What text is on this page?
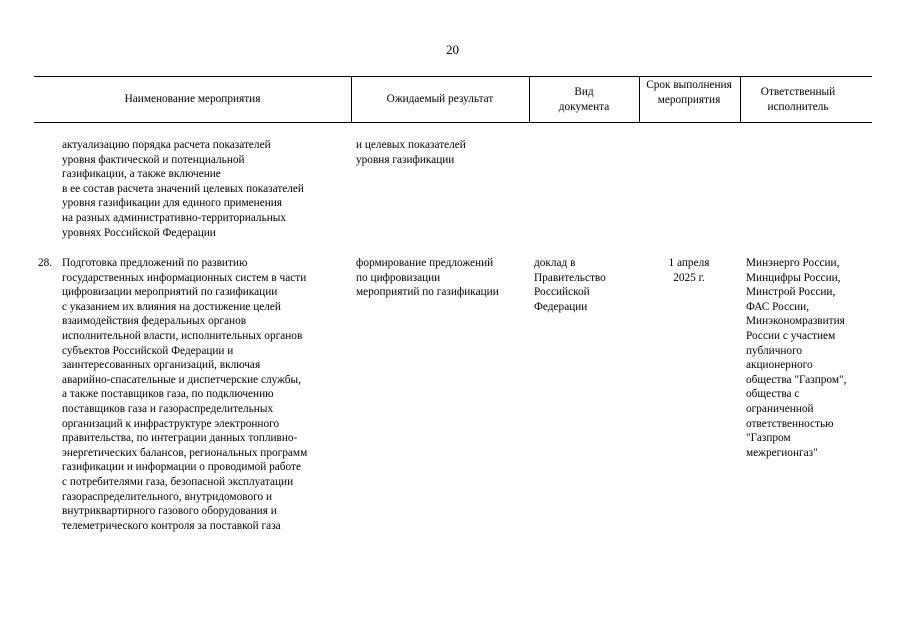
20
Наименование мероприятия	Ожидаемый результат
Вид документа
Срок выполнения мероприятия
Ответственный исполнитель
актуализацию порядка расчета показателей
уровня фактической и потенциальной
газификации, а также включение
в ее состав расчета значений целевых показателей
уровня газификации для единого применения
на разных административно-территориальных
уровнях Российской Федерации
и целевых показателей
уровня газификации
28. Подготовка предложений по развитию
государственных информационных систем в части
цифровизации мероприятий по газификации
с указанием их влияния на достижение целей
взаимодействия федеральных органов
исполнительной власти, исполнительных органов
субъектов Российской Федерации и
заинтересованных организаций, включая
аварийно-спасательные и диспетчерские службы,
а также поставщиков газа, по подключению
поставщиков газа и газораспределительных
организаций к инфраструктуре электронного
правительства, по интеграции данных топливно-
энергетических балансов, региональных программ
газификации и информации о проводимой работе
с потребителями газа, безопасной эксплуатации
газораспределительного, внутридомового и
внутриквартирного газового оборудования и
телеметрического контроля за поставкой газа
формирование предложений
по цифровизации
мероприятий по газификации
доклад в
Правительство
Российской
Федерации
1 апреля
2025 г.
Минэнерго России,
Минцифры России,
Минстрой России,
ФАС России,
Минэкономразвития
России с участием
публичного
акционерного
общества "Газпром",
общества с
ограниченной
ответственностью
"Газпром
межрегионгаз"
